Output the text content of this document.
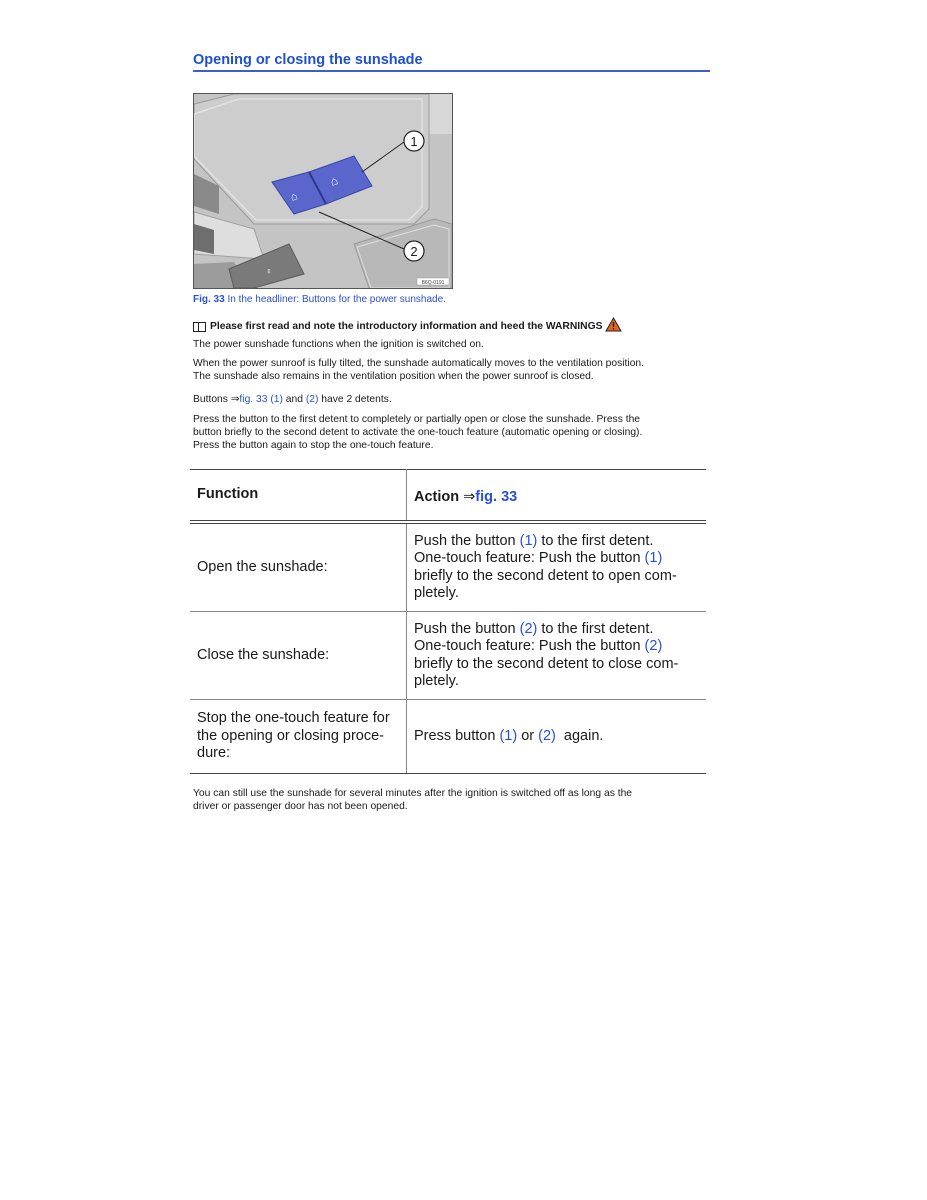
Opening or closing the sunshade
⇞
⌂
⌂
1
2
B6Q-0191
Fig. 33 In the headliner: Buttons for the power sunshade.
Please first read and note the introductory information and heed the WARNINGS
The power sunshade functions when the ignition is switched on.
When the power sunroof is fully tilted, the sunshade automatically moves to the ventilation position.
The sunshade also remains in the ventilation position when the power sunroof is closed.
Buttons ⇒fig. 33 (1) and (2) have 2 detents.
Press the button to the first detent to completely or partially open or close the sunshade. Press the
button briefly to the second detent to activate the one-touch feature (automatic opening or closing).
Press the button again to stop the one-touch feature.
Function	Action ⇒fig. 33
Open the sunshade:	Push the button (1) to the first detent.
One-touch feature: Push the button (1)
briefly to the second detent to open com-
pletely.

Close the sunshade:	Push the button (2) to the first detent.
One-touch feature: Push the button (2)
briefly to the second detent to close com-
pletely.

Stop the one-touch feature for
the opening or closing proce-
dure:	Press button (1) or (2)  again.
You can still use the sunshade for several minutes after the ignition is switched off as long as the
driver or passenger door has not been opened.
